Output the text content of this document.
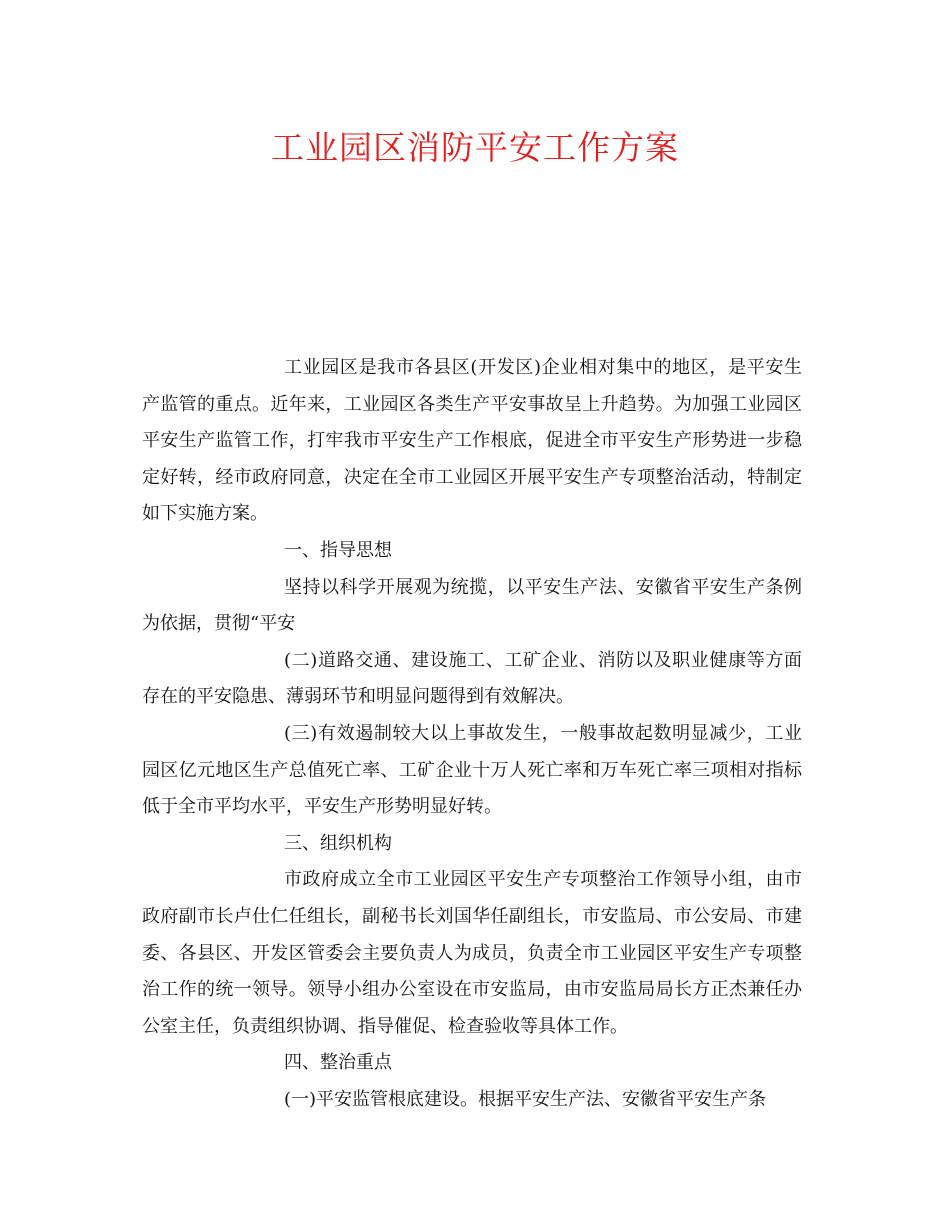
工业园区消防平安工作方案

工业园区是我市各县区(开发区)企业相对集中的地区，是平安生产监管的重点。近年来，工业园区各类生产平安事故呈上升趋势。为加强工业园区平安生产监管工作，打牢我市平安生产工作根底，促进全市平安生产形势进一步稳定好转，经市政府同意，决定在全市工业园区开展平安生产专项整治活动，特制定如下实施方案。

一、指导思想

坚持以科学开展观为统揽，以平安生产法、安徽省平安生产条例为依据，贯彻“平安

(二)道路交通、建设施工、工矿企业、消防以及职业健康等方面存在的平安隐患、薄弱环节和明显问题得到有效解决。

(三)有效遏制较大以上事故发生，一般事故起数明显减少，工业园区亿元地区生产总值死亡率、工矿企业十万人死亡率和万车死亡率三项相对指标低于全市平均水平，平安生产形势明显好转。

三、组织机构

市政府成立全市工业园区平安生产专项整治工作领导小组，由市政府副市长卢仕仁任组长，副秘书长刘国华任副组长，市安监局、市公安局、市建委、各县区、开发区管委会主要负责人为成员，负责全市工业园区平安生产专项整治工作的统一领导。领导小组办公室设在市安监局，由市安监局局长方正杰兼任办公室主任，负责组织协调、指导催促、检查验收等具体工作。

四、整治重点

(一)平安监管根底建设。根据平安生产法、安徽省平安生产条
